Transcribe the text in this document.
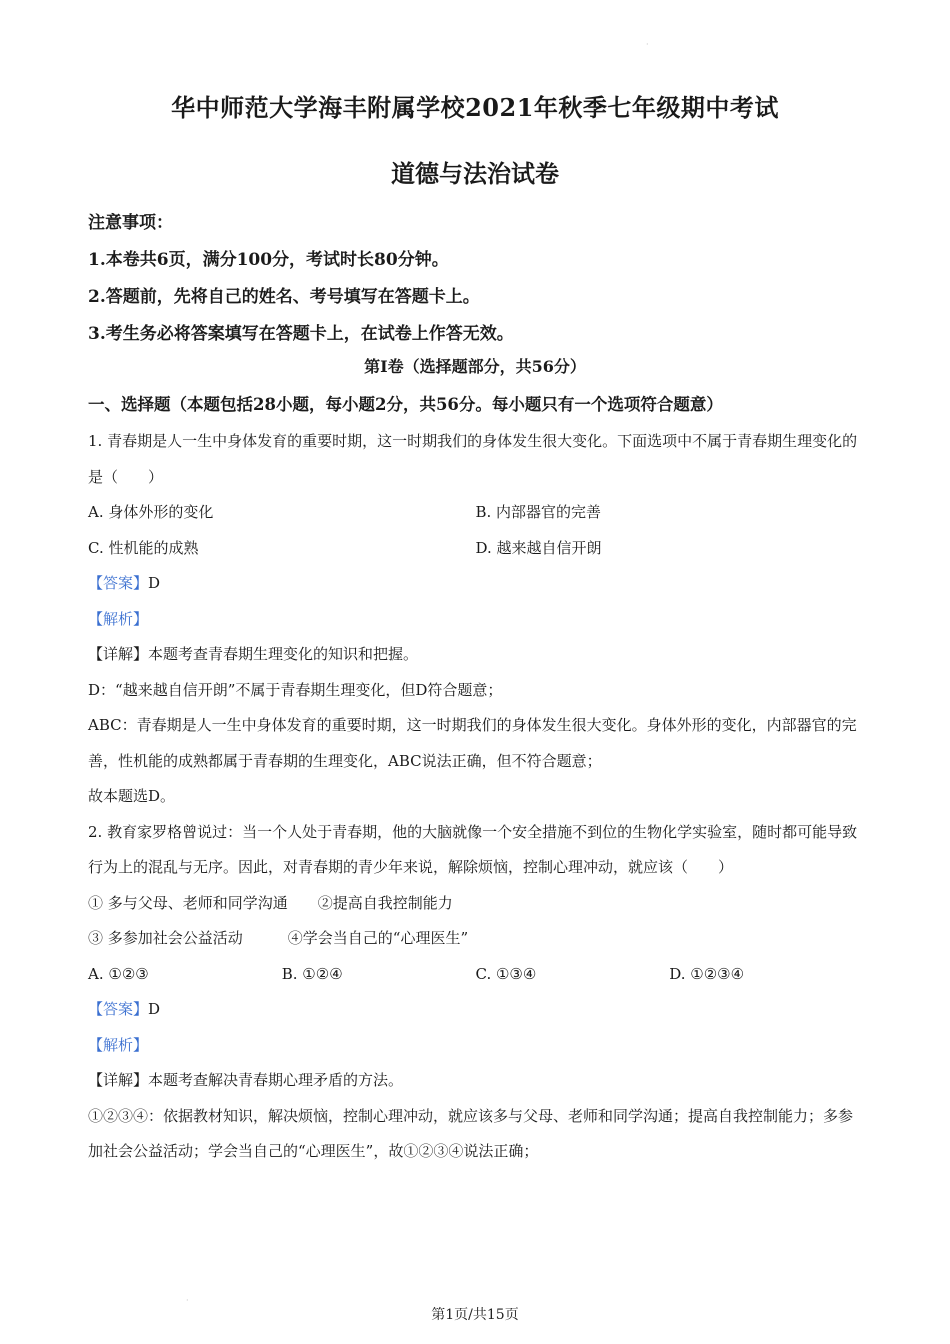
·
华中师范大学海丰附属学校2021年秋季七年级期中考试
道德与法治试卷
注意事项：
1.本卷共6页，满分100分，考试时长80分钟。
2.答题前，先将自己的姓名、考号填写在答题卡上。
3.考生务必将答案填写在答题卡上，在试卷上作答无效。
第Ⅰ卷（选择题部分，共56分）
一、选择题（本题包括28小题，每小题2分，共56分。每小题只有一个选项符合题意）

1. 青春期是人一生中身体发育的重要时期，这一时期我们的身体发生很大变化。下面选项中不属于青春期生理变化的是（　　）

A. 身体外形的变化	B. 内部器官的完善
C. 性机能的成熟	D. 越来越自信开朗
【答案】D
【解析】
【详解】本题考查青春期生理变化的知识和把握。

D：“越来越自信开朗”不属于青春期生理变化，但D符合题意；

ABC：青春期是人一生中身体发育的重要时期，这一时期我们的身体发生很大变化。身体外形的变化，内部器官的完善，性机能的成熟都属于青春期的生理变化，ABC说法正确，但不符合题意；

故本题选D。

2. 教育家罗格曾说过：当一个人处于青春期，他的大脑就像一个安全措施不到位的生物化学实验室，随时都可能导致行为上的混乱与无序。因此，对青春期的青少年来说，解除烦恼，控制心理冲动，就应该（　　）

① 多与父母、老师和同学沟通　　②提高自我控制能力
③ 多参加社会公益活动　　　④学会当自己的“心理医生”
A. ①②③	B. ①②④	C. ①③④	D. ①②③④
【答案】D
【解析】
【详解】本题考查解决青春期心理矛盾的方法。

①②③④：依据教材知识，解决烦恼，控制心理冲动，就应该多与父母、老师和同学沟通；提高自我控制能力；多参加社会公益活动；学会当自己的“心理医生”，故①②③④说法正确；

·
第1页/共15页
